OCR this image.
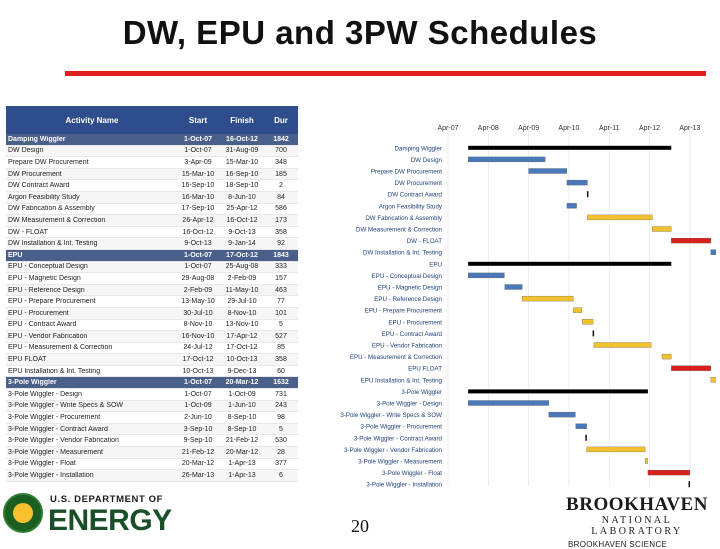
DW, EPU and 3PW Schedules
Activity Name	Start	Finish	Dur
Damping Wiggler	1-Oct-07	16-Oct-12	1842
DW Design	1-Oct-07	31-Aug-09	700
Prepare DW Procurement	3-Apr-09	15-Mar-10	348
DW Procurement	15-Mar-10	16-Sep-10	185
DW Contract Award	16-Sep-10	18-Sep-10	2
Argon Feasibility Study	16-Mar-10	8-Jun-10	84
DW Fabrication & Assembly	17-Sep-10	25-Apr-12	586
DW Measurement & Correction	26-Apr-12	16-Oct-12	173
DW - FLOAT	16-Oct-12	9-Oct-13	358
DW Installation & Int. Testing	9-Oct-13	9-Jan-14	92
EPU	1-Oct-07	17-Oct-12	1843
EPU - Conceptual Design	1-Oct-07	25-Aug-08	333
EPU - Magnetic Design	29-Aug-08	2-Feb-09	157
EPU - Reference Design	2-Feb-09	11-May-10	463
EPU - Prepare Procurement	13-May-10	29-Jul-10	77
EPU - Procurement	30-Jul-10	8-Nov-10	101
EPU - Contract Award	8-Nov-10	13-Nov-10	5
EPU - Vendor Fabrication	16-Nov-10	17-Apr-12	527
EPU - Measurement & Correction	24-Jul-12	17-Oct-12	85
EPU FLOAT	17-Oct-12	10-Oct-13	358
EPU Installation & Int. Testing	10-Oct-13	9-Dec-13	60
3-Pole Wiggler	1-Oct-07	20-Mar-12	1632
3-Pole Wiggler - Design	1-Oct-07	1-Oct-09	731
3-Pole Wiggler - Write Specs & SOW	1-Oct-09	1-Jun-10	243
3-Pole Wiggler - Procurement	2-Jun-10	8-Sep-10	98
3-Pole Wiggler - Contract Award	3-Sep-10	8-Sep-10	5
3-Pole Wiggler - Vendor Fabrication	9-Sep-10	21-Feb-12	530
3-Pole Wiggler - Measurement	21-Feb-12	20-Mar-12	28
3-Pole Wiggler - Float	20-Mar-12	1-Apr-13	377
3-Pole Wiggler - Installation	26-Mar-13	1-Apr-13	6
Apr-07	Apr-08	Apr-09	Apr-10	Apr-11	Apr-12	Apr-13
Damping Wiggler
DW Design
Prepare DW Procurement
DW Procurement
DW Contract Award
Argon Feasibility Study
DW Fabrication & Assembly
DW Measurement & Correction
DW - FLOAT
DW Installation & Int. Testing
EPU
EPU - Conceptual Design
EPU - Magnetic Design
EPU - Reference Design
EPU - Prepare Procurement
EPU - Procurement
EPU - Contract Award
EPU - Vendor Fabrication
EPU - Measurement & Correction
EPU FLOAT
EPU Installation & Int. Testing
3-Pole Wiggler
3-Pole Wiggler - Design
3-Pole Wiggler - Write Specs & SOW
3-Pole Wiggler - Procurement
3-Pole Wiggler - Contract Award
3-Pole Wiggler - Vendor Fabrication
3-Pole Wiggler - Measurement
3-Pole Wiggler - Float
3-Pole Wiggler - Installation
U.S. DEPARTMENT OF
ENERGY	20
BROOKHAVEN
NATIONAL LABORATORY
BROOKHAVEN SCIENCE
